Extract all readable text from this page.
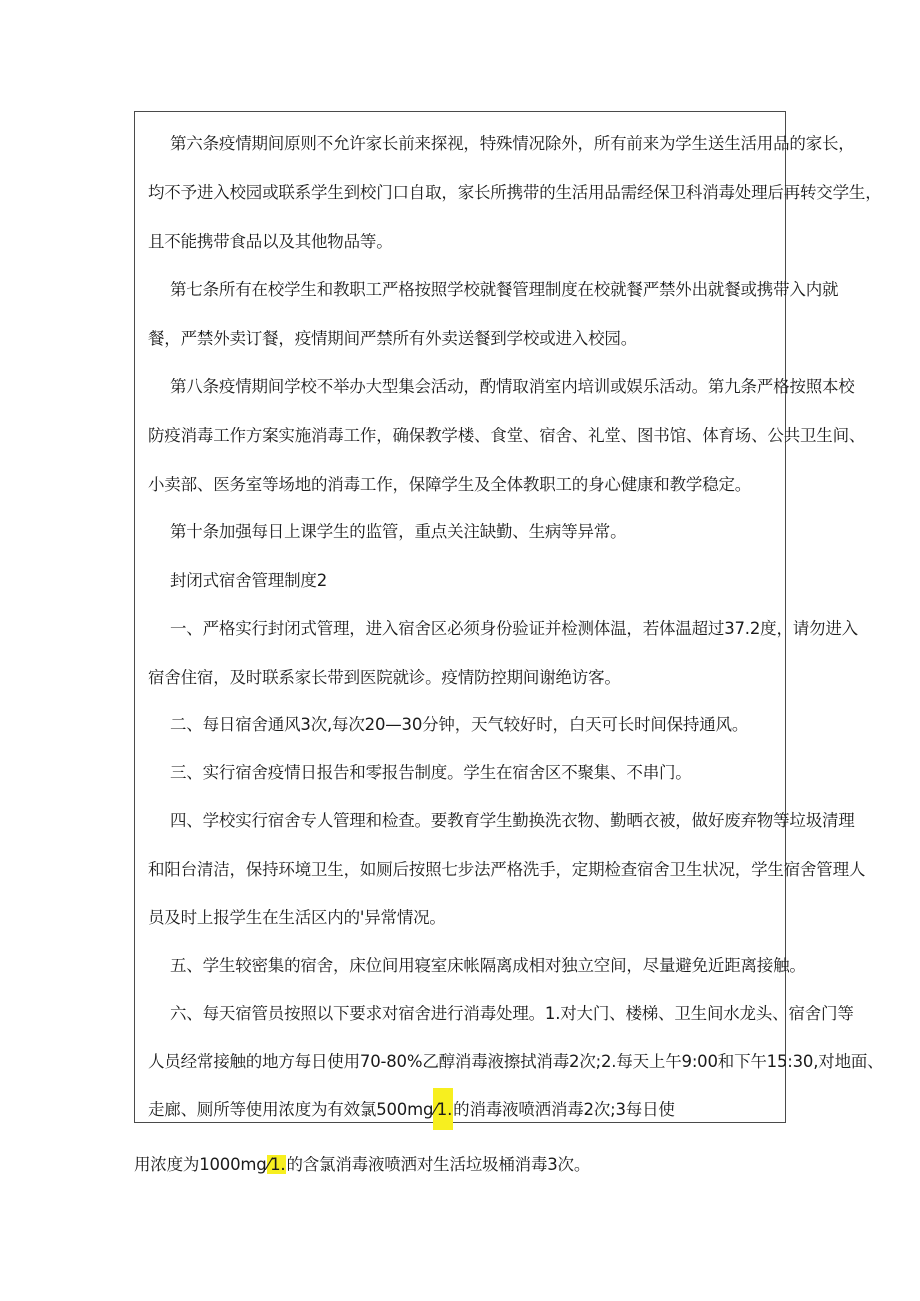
第六条疫情期间原则不允许家长前来探视，特殊情况除外，所有前来为学生送生活用品的家长，
均不予进入校园或联系学生到校门口自取，家长所携带的生活用品需经保卫科消毒处理后再转交学生，
且不能携带食品以及其他物品等。
第七条所有在校学生和教职工严格按照学校就餐管理制度在校就餐严禁外出就餐或携带入内就
餐，严禁外卖订餐，疫情期间严禁所有外卖送餐到学校或进入校园。
第八条疫情期间学校不举办大型集会活动，酌情取消室内培训或娱乐活动。第九条严格按照本校
防疫消毒工作方案实施消毒工作，确保教学楼、食堂、宿舍、礼堂、图书馆、体育场、公共卫生间、
小卖部、医务室等场地的消毒工作，保障学生及全体教职工的身心健康和教学稳定。
第十条加强每日上课学生的监管，重点关注缺勤、生病等异常。
封闭式宿舍管理制度2
一、严格实行封闭式管理，进入宿舍区必须身份验证并检测体温，若体温超过37.2度，请勿进入
宿舍住宿，及时联系家长带到医院就诊。疫情防控期间谢绝访客。
二、每日宿舍通风3次,每次20—30分钟，天气较好时，白天可长时间保持通风。
三、实行宿舍疫情日报告和零报告制度。学生在宿舍区不聚集、不串门。
四、学校实行宿舍专人管理和检查。要教育学生勤换洗衣物、勤晒衣被，做好废弃物等垃圾清理
和阳台清洁，保持环境卫生，如厕后按照七步法严格洗手，定期检查宿舍卫生状况，学生宿舍管理人
员及时上报学生在生活区内的'异常情况。
五、学生较密集的宿舍，床位间用寝室床帐隔离成相对独立空间，尽量避免近距离接触。
六、每天宿管员按照以下要求对宿舍进行消毒处理。1.对大门、楼梯、卫生间水龙头、宿舍门等
人员经常接触的地方每日使用70-80%乙醇消毒液擦拭消毒2次;2.每天上午9:00和下午15:30,对地面、
走廊、厕所等使用浓度为有效氯500mg⁄1.的消毒液喷洒消毒2次;3每日使
用浓度为1000mg⁄1.的含氯消毒液喷洒对生活垃圾桶消毒3次。
